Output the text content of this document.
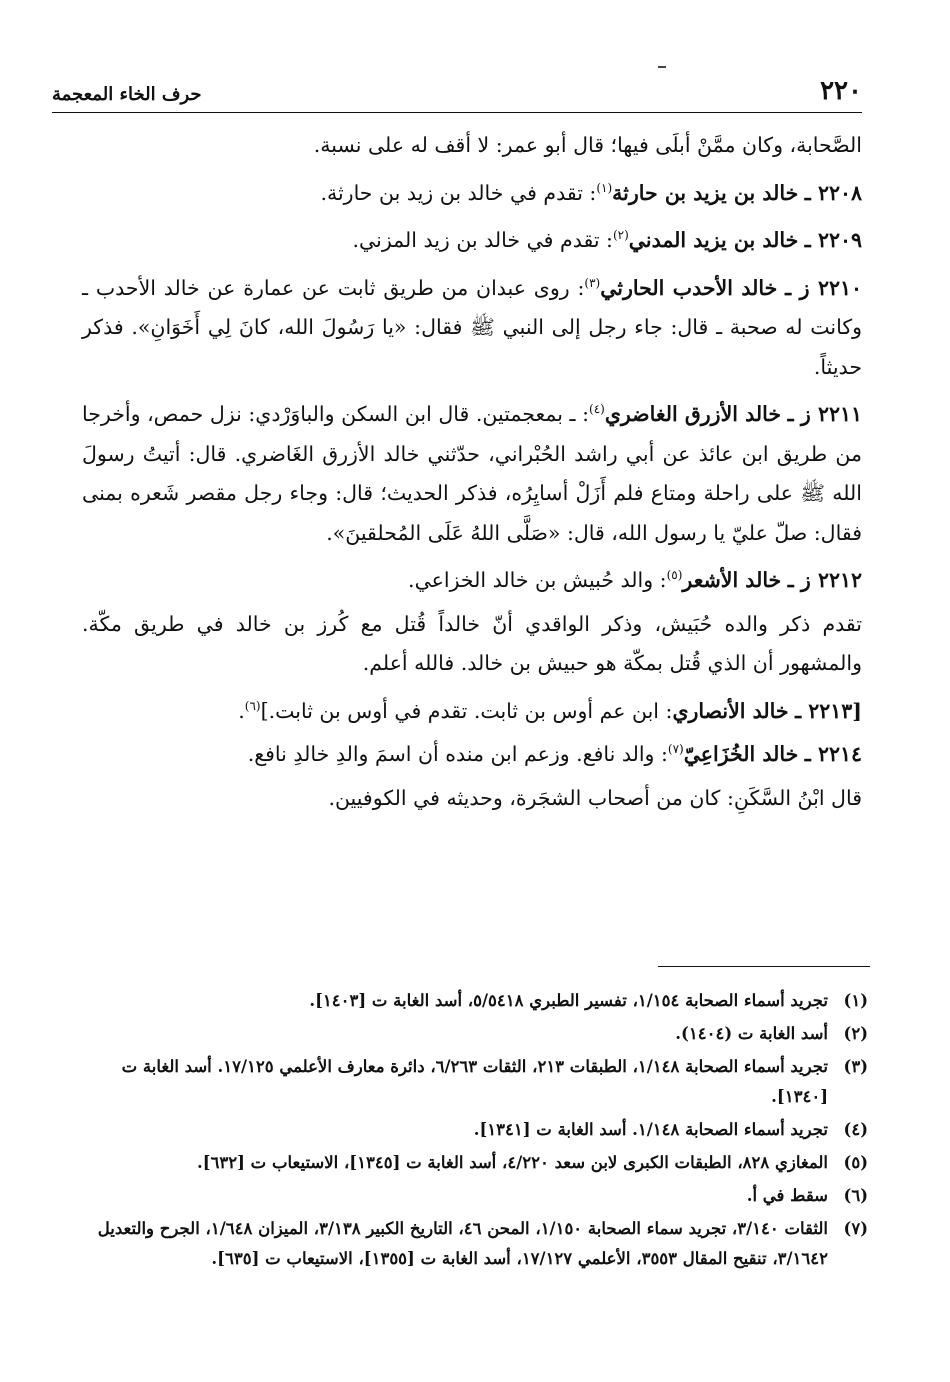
٢٢٠
حرف الخاء المعجمة

الصَّحابة، وكان ممَّنْ أبلَى فيها؛ قال أبو عمر: لا أقف له على نسبة.

٢٢٠٨ ـ خالد بن يزيد بن حارثة$^{(١)}$: تقدم في خالد بن زيد بن حارثة.

٢٢٠٩ ـ خالد بن يزيد المدني$^{(٢)}$: تقدم في خالد بن زيد المزني.

٢٢١٠ ز ـ خالد الأحدب الحارثي$^{(٣)}$: روى عبدان من طريق ثابت عن عمارة عن خالد الأحدب ـ وكانت له صحبة ـ قال: جاء رجل إلى النبي ﷺ فقال: «يا رَسُولَ الله، كانَ لِي أَخَوَانِ». فذكر حديثاً.

٢٢١١ ز ـ خالد الأزرق الغاضري$^{(٤)}$: ـ بمعجمتين. قال ابن السكن والباوَرْدي: نزل حمص، وأخرجا من طريق ابن عائذ عن أبي راشد الحُبْراني، حدّثني خالد الأزرق الغَاضري. قال: أتيتُ رسولَ الله ﷺ على راحلة ومتاع فلم أَزَلْ أسايِرُه، فذكر الحديث؛ قال: وجاء رجل مقصر شَعره بمنى فقال: صلّ عليّ يا رسول الله، قال: «صَلَّى اللهُ عَلَى المُحلقينَ».

٢٢١٢ ز ـ خالد الأشعر$^{(٥)}$: والد حُبيش بن خالد الخزاعي.

تقدم ذكر والده حُبَيش، وذكر الواقدي أنّ خالداً قُتل مع كُرز بن خالد في طريق مكّة. والمشهور أن الذي قُتل بمكّة هو حبيش بن خالد. فالله أعلم.

[٢٢١٣ ـ خالد الأنصاري: ابن عم أوس بن ثابت. تقدم في أوس بن ثابت.]$^{(٦)}$.

٢٢١٤ ـ خالد الخُزَاعِيّ$^{(٧)}$: والد نافع. وزعم ابن منده أن اسمَ والدِ خالدِ نافع.

قال ابْنُ السَّكَنِ: كان من أصحاب الشجَرة، وحديثه في الكوفيين.

(١)تجريد أسماء الصحابة ١/١٥٤، تفسير الطبري ٥/٥٤١٨، أسد الغابة ت [١٤٠٣].

(٢)أسد الغابة ت (١٤٠٤).

(٣)تجريد أسماء الصحابة ١/١٤٨، الطبقات ٢١٣، الثقات ٦/٢٦٣، دائرة معارف الأعلمي ١٧/١٢٥. أسد الغابة ت [١٣٤٠].

(٤)تجريد أسماء الصحابة ١/١٤٨. أسد الغابة ت [١٣٤١].

(٥)المغازي ٨٢٨، الطبقات الكبرى لابن سعد ٤/٢٢٠، أسد الغابة ت [١٣٤٥]، الاستيعاب ت [٦٣٢].

(٦)سقط في أ.

(٧)الثقات ٣/١٤٠، تجريد سماء الصحابة ١/١٥٠، المحن ٤٦، التاريخ الكبير ٣/١٣٨، الميزان ١/٦٤٨، الجرح والتعديل ٣/١٦٤٢، تنقيح المقال ٣٥٥٣، الأعلمي ١٧/١٢٧، أسد الغابة ت [١٣٥٥]، الاستيعاب ت [٦٣٥].
